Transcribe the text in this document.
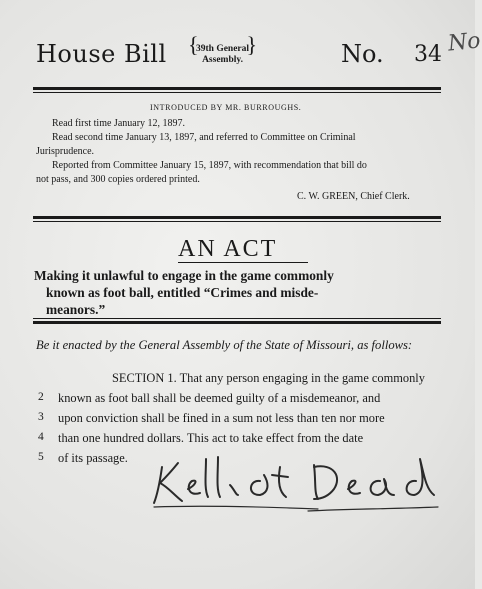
House Bill {
39th General
Assembly.
}	No. 34 No
INTRODUCED BY MR. BURROUGHS.
Read first time January 12, 1897.
Read second time January 13, 1897, and referred to Committee on Criminal
Jurisprudence.
Reported from Committee January 15, 1897, with recommendation that bill do
not pass, and 300 copies ordered printed.
C. W. GREEN, Chief Clerk.
AN ACT
Making it unlawful to engage in the game commonly
known as foot ball, entitled “Crimes and misde-
meanors.”
Be it enacted by the General Assembly of the State of Missouri, as follows:
SECTION 1. That any person engaging in the game commonly
2 known as foot ball shall be deemed guilty of a misdemeanor, and
3 upon conviction shall be fined in a sum not less than ten nor more
4 than one hundred dollars. This act to take effect from the date
5 of its passage.
